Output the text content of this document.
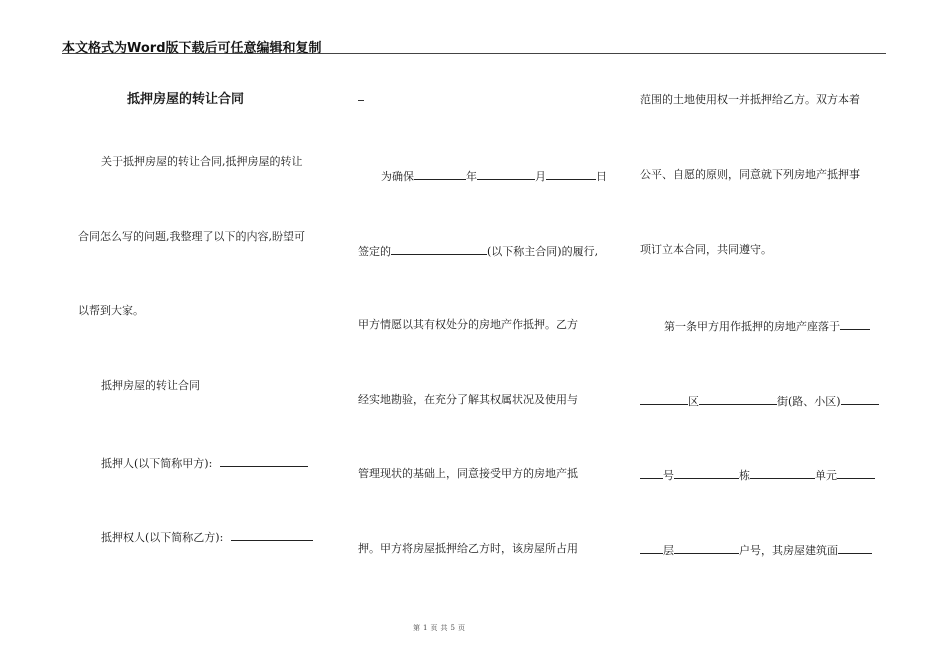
本文格式为Word版下载后可任意编辑和复制
抵押房屋的转让合同
关于抵押房屋的转让合同,抵押房屋的转让
合同怎么写的问题,我整理了以下的内容,盼望可
以帮到大家。
抵押房屋的转让合同
抵押人(以下简称甲方):
抵押权人(以下简称乙方):
为确保	年	月	日
签定的	(以下称主合同)的履行,
甲方情愿以其有权处分的房地产作抵押。乙方
经实地勘验，在充分了解其权属状况及使用与
管理现状的基础上，同意接受甲方的房地产抵
押。甲方将房屋抵押给乙方时，该房屋所占用
范围的土地使用权一并抵押给乙方。双方本着
公平、自愿的原则，同意就下列房地产抵押事
项订立本合同，共同遵守。
第一条甲方用作抵押的房地产座落于
区	街(路、小区)
号	栋	单元
层	户号，其房屋建筑面
第 1 页 共 5 页
